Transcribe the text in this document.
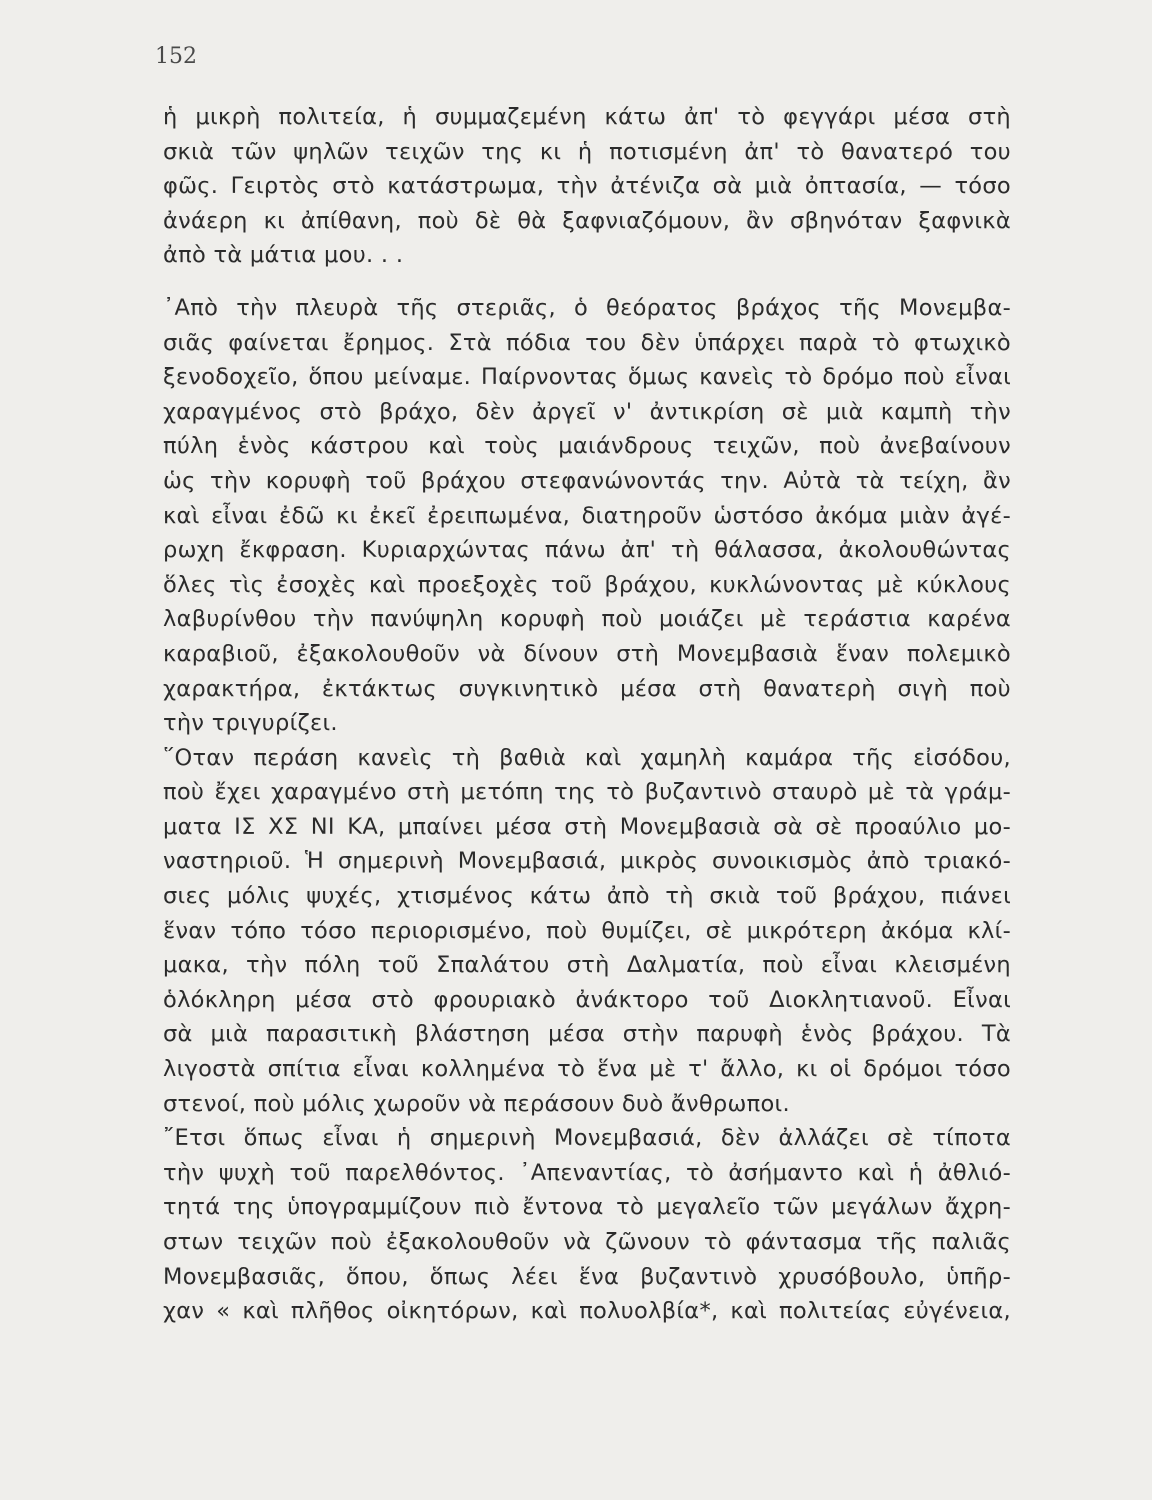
152

ἡ μικρὴ πολιτεία, ἡ συμμαζεμένη κάτω ἀπ' τὸ φεγγάρι μέσα στὴ
σκιὰ τῶν ψηλῶν τειχῶν της κι ἡ ποτισμένη ἀπ' τὸ θανατερό του
φῶς. Γειρτὸς στὸ κατάστρωμα, τὴν ἀτένιζα σὰ μιὰ ὀπτασία, — τόσο
ἀνάερη κι ἀπίθανη, ποὺ δὲ θὰ ξαφνιαζόμουν, ἂν σβηνόταν ξαφνικὰ
ἀπὸ τὰ μάτια μου. . .

᾿Απὸ τὴν πλευρὰ τῆς στεριᾶς, ὁ θεόρατος βράχος τῆς Μονεμβα-
σιᾶς φαίνεται ἔρημος. Στὰ πόδια του δὲν ὑπάρχει παρὰ τὸ φτωχικὸ
ξενοδοχεῖο, ὅπου μείναμε. Παίρνοντας ὅμως κανεὶς τὸ δρόμο ποὺ εἶναι
χαραγμένος στὸ βράχο, δὲν ἀργεῖ ν' ἀντικρίση σὲ μιὰ καμπὴ τὴν
πύλη ἑνὸς κάστρου καὶ τοὺς μαιάνδρους τειχῶν, ποὺ ἀνεβαίνουν
ὡς τὴν κορυφὴ τοῦ βράχου στεφανώνοντάς την. Αὐτὰ τὰ τείχη, ἂν
καὶ εἶναι ἐδῶ κι ἐκεῖ ἐρειπωμένα, διατηροῦν ὡστόσο ἀκόμα μιὰν ἀγέ-
ρωχη ἔκφραση. Κυριαρχώντας πάνω ἀπ' τὴ θάλασσα, ἀκολουθώντας
ὅλες τὶς ἐσοχὲς καὶ προεξοχὲς τοῦ βράχου, κυκλώνοντας μὲ κύκλους
λαβυρίνθου τὴν πανύψηλη κορυφὴ ποὺ μοιάζει μὲ τεράστια καρένα
καραβιοῦ, ἐξακολουθοῦν νὰ δίνουν στὴ Μονεμβασιὰ ἕναν πολεμικὸ
χαρακτήρα, ἐκτάκτως συγκινητικὸ μέσα στὴ θανατερὴ σιγὴ ποὺ
τὴν τριγυρίζει.

῞Οταν περάση κανεὶς τὴ βαθιὰ καὶ χαμηλὴ καμάρα τῆς εἰσόδου,
ποὺ ἔχει χαραγμένο στὴ μετόπη της τὸ βυζαντινὸ σταυρὸ μὲ τὰ γράμ-
ματα ΙΣ ΧΣ ΝΙ ΚΑ, μπαίνει μέσα στὴ Μονεμβασιὰ σὰ σὲ προαύλιο μο-
ναστηριοῦ. Ἡ σημερινὴ Μονεμβασιά, μικρὸς συνοικισμὸς ἀπὸ τριακό-
σιες μόλις ψυχές, χτισμένος κάτω ἀπὸ τὴ σκιὰ τοῦ βράχου, πιάνει
ἕναν τόπο τόσο περιορισμένο, ποὺ θυμίζει, σὲ μικρότερη ἀκόμα κλί-
μακα, τὴν πόλη τοῦ Σπαλάτου στὴ Δαλματία, ποὺ εἶναι κλεισμένη
ὁλόκληρη μέσα στὸ φρουριακὸ ἀνάκτορο τοῦ Διοκλητιανοῦ. Εἶναι
σὰ μιὰ παρασιτικὴ βλάστηση μέσα στὴν παρυφὴ ἑνὸς βράχου. Τὰ
λιγοστὰ σπίτια εἶναι κολλημένα τὸ ἕνα μὲ τ' ἄλλο, κι οἱ δρόμοι τόσο
στενοί, ποὺ μόλις χωροῦν νὰ περάσουν δυὸ ἄνθρωποι.

῎Ετσι ὅπως εἶναι ἡ σημερινὴ Μονεμβασιά, δὲν ἀλλάζει σὲ τίποτα
τὴν ψυχὴ τοῦ παρελθόντος. ᾿Απεναντίας, τὸ ἀσήμαντο καὶ ἡ ἀθλιό-
τητά της ὑπογραμμίζουν πιὸ ἔντονα τὸ μεγαλεῖο τῶν μεγάλων ἄχρη-
στων τειχῶν ποὺ ἐξακολουθοῦν νὰ ζῶνουν τὸ φάντασμα τῆς παλιᾶς
Μονεμβασιᾶς, ὅπου, ὅπως λέει ἕνα βυζαντινὸ χρυσόβουλο, ὑπῆρ-
χαν « καὶ πλῆθος οἰκητόρων, καὶ πολυολβία*, καὶ πολιτείας εὐγένεια,
